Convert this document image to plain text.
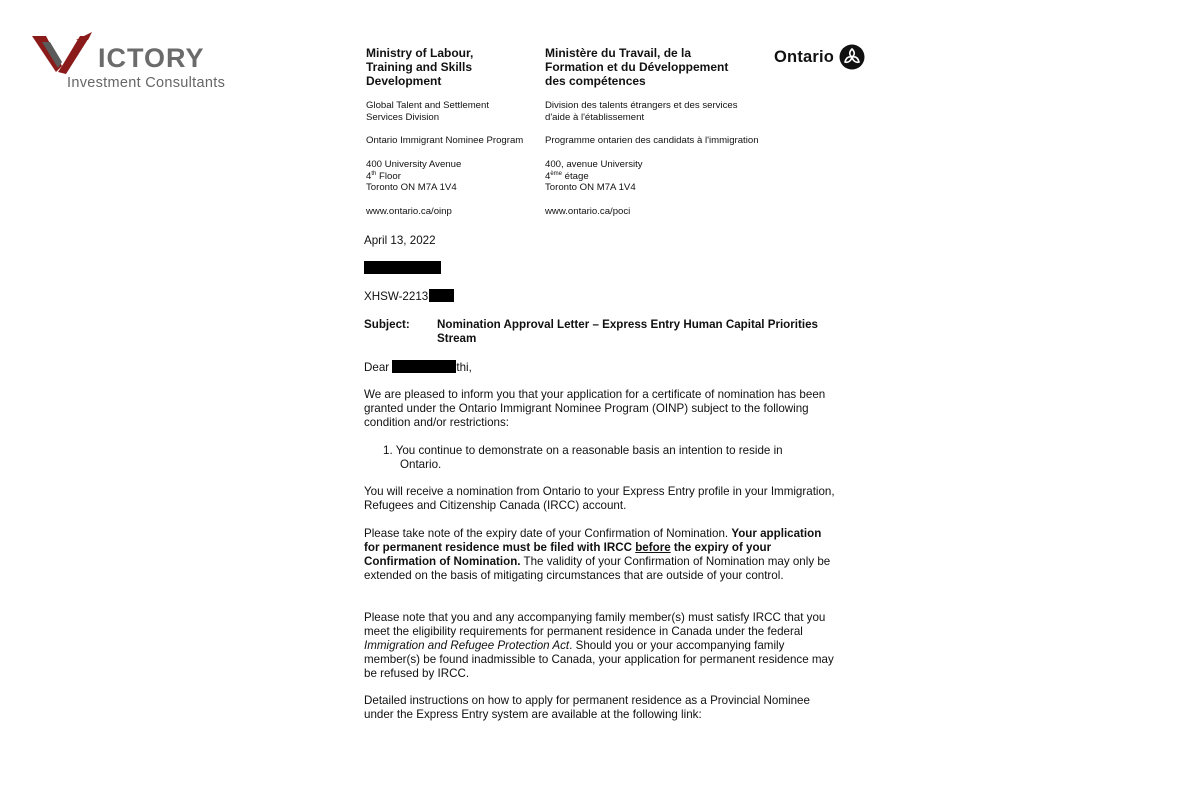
ICTORY
Investment Consultants
Ministry of Labour,
Training and Skills
Development
Global Talent and Settlement
Services Division
Ontario Immigrant Nominee Program
400 University Avenue
4th Floor
Toronto ON M7A 1V4
www.ontario.ca/oinp
Ministère du Travail, de la
Formation et du Développement
des compétences
Division des talents étrangers et des services
d'aide à l'établissement
Programme ontarien des candidats à l'immigration
400, avenue University
4ème étage
Toronto ON M7A 1V4
www.ontario.ca/poci
Ontario
April 13, 2022
XHSW-2213
Subject: Nomination Approval Letter – Express Entry Human Capital Priorities
Stream
Dear	thi,
We are pleased to inform you that your application for a certificate of nomination has been granted under the Ontario Immigrant Nominee Program (OINP) subject to the following condition and/or restrictions:
1. You continue to demonstrate on a reasonable basis an intention to reside in
Ontario.
You will receive a nomination from Ontario to your Express Entry profile in your Immigration, Refugees and Citizenship Canada (IRCC) account.
Please take note of the expiry date of your Confirmation of Nomination. Your application for permanent residence must be filed with IRCC before the expiry of your Confirmation of Nomination. The validity of your Confirmation of Nomination may only be extended on the basis of mitigating circumstances that are outside of your control.
Please note that you and any accompanying family member(s) must satisfy IRCC that you meet the eligibility requirements for permanent residence in Canada under the federal Immigration and Refugee Protection Act. Should you or your accompanying family member(s) be found inadmissible to Canada, your application for permanent residence may be refused by IRCC.
Detailed instructions on how to apply for permanent residence as a Provincial Nominee under the Express Entry system are available at the following link:
